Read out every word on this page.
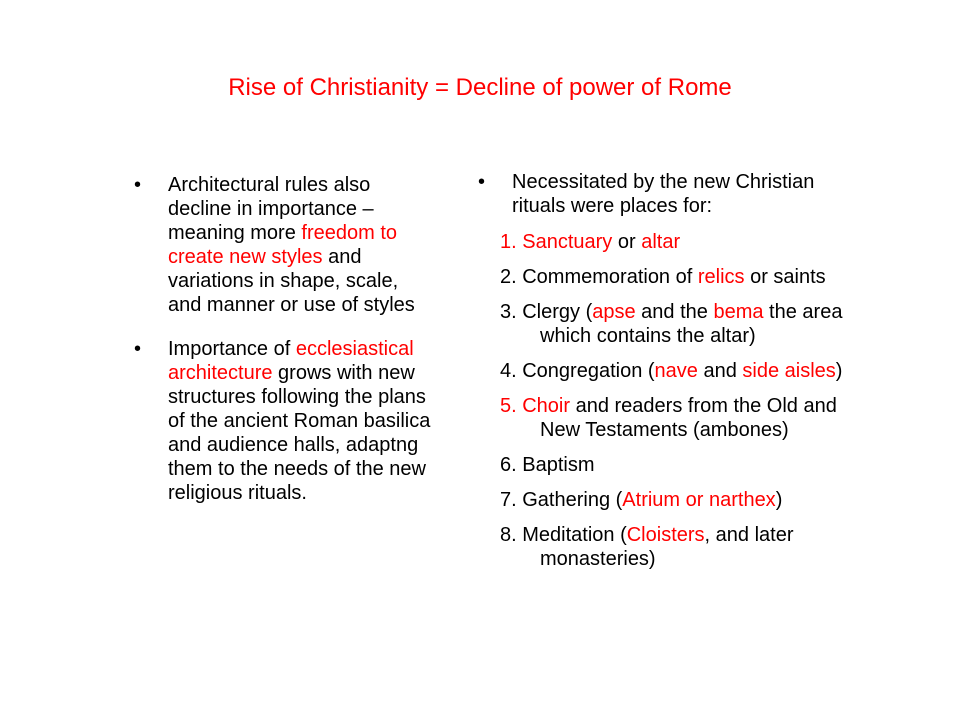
Rise of Christianity = Decline of power of Rome
• Architectural rules also decline in importance – meaning more freedom to create new styles and variations in shape, scale, and manner or use of styles
• Importance of ecclesiastical architecture grows with new structures following the plans of the ancient Roman basilica and audience halls, adaptng them to the needs of the new religious rituals.
• Necessitated by the new Christian rituals were places for:
1. Sanctuary or altar
2. Commemoration of relics or saints
3. Clergy (apse and the bema the area which contains the altar)
4. Congregation (nave and side aisles)
5. Choir and readers from the Old and New Testaments (ambones)
6. Baptism
7. Gathering (Atrium or narthex)
8. Meditation (Cloisters, and later monasteries)
